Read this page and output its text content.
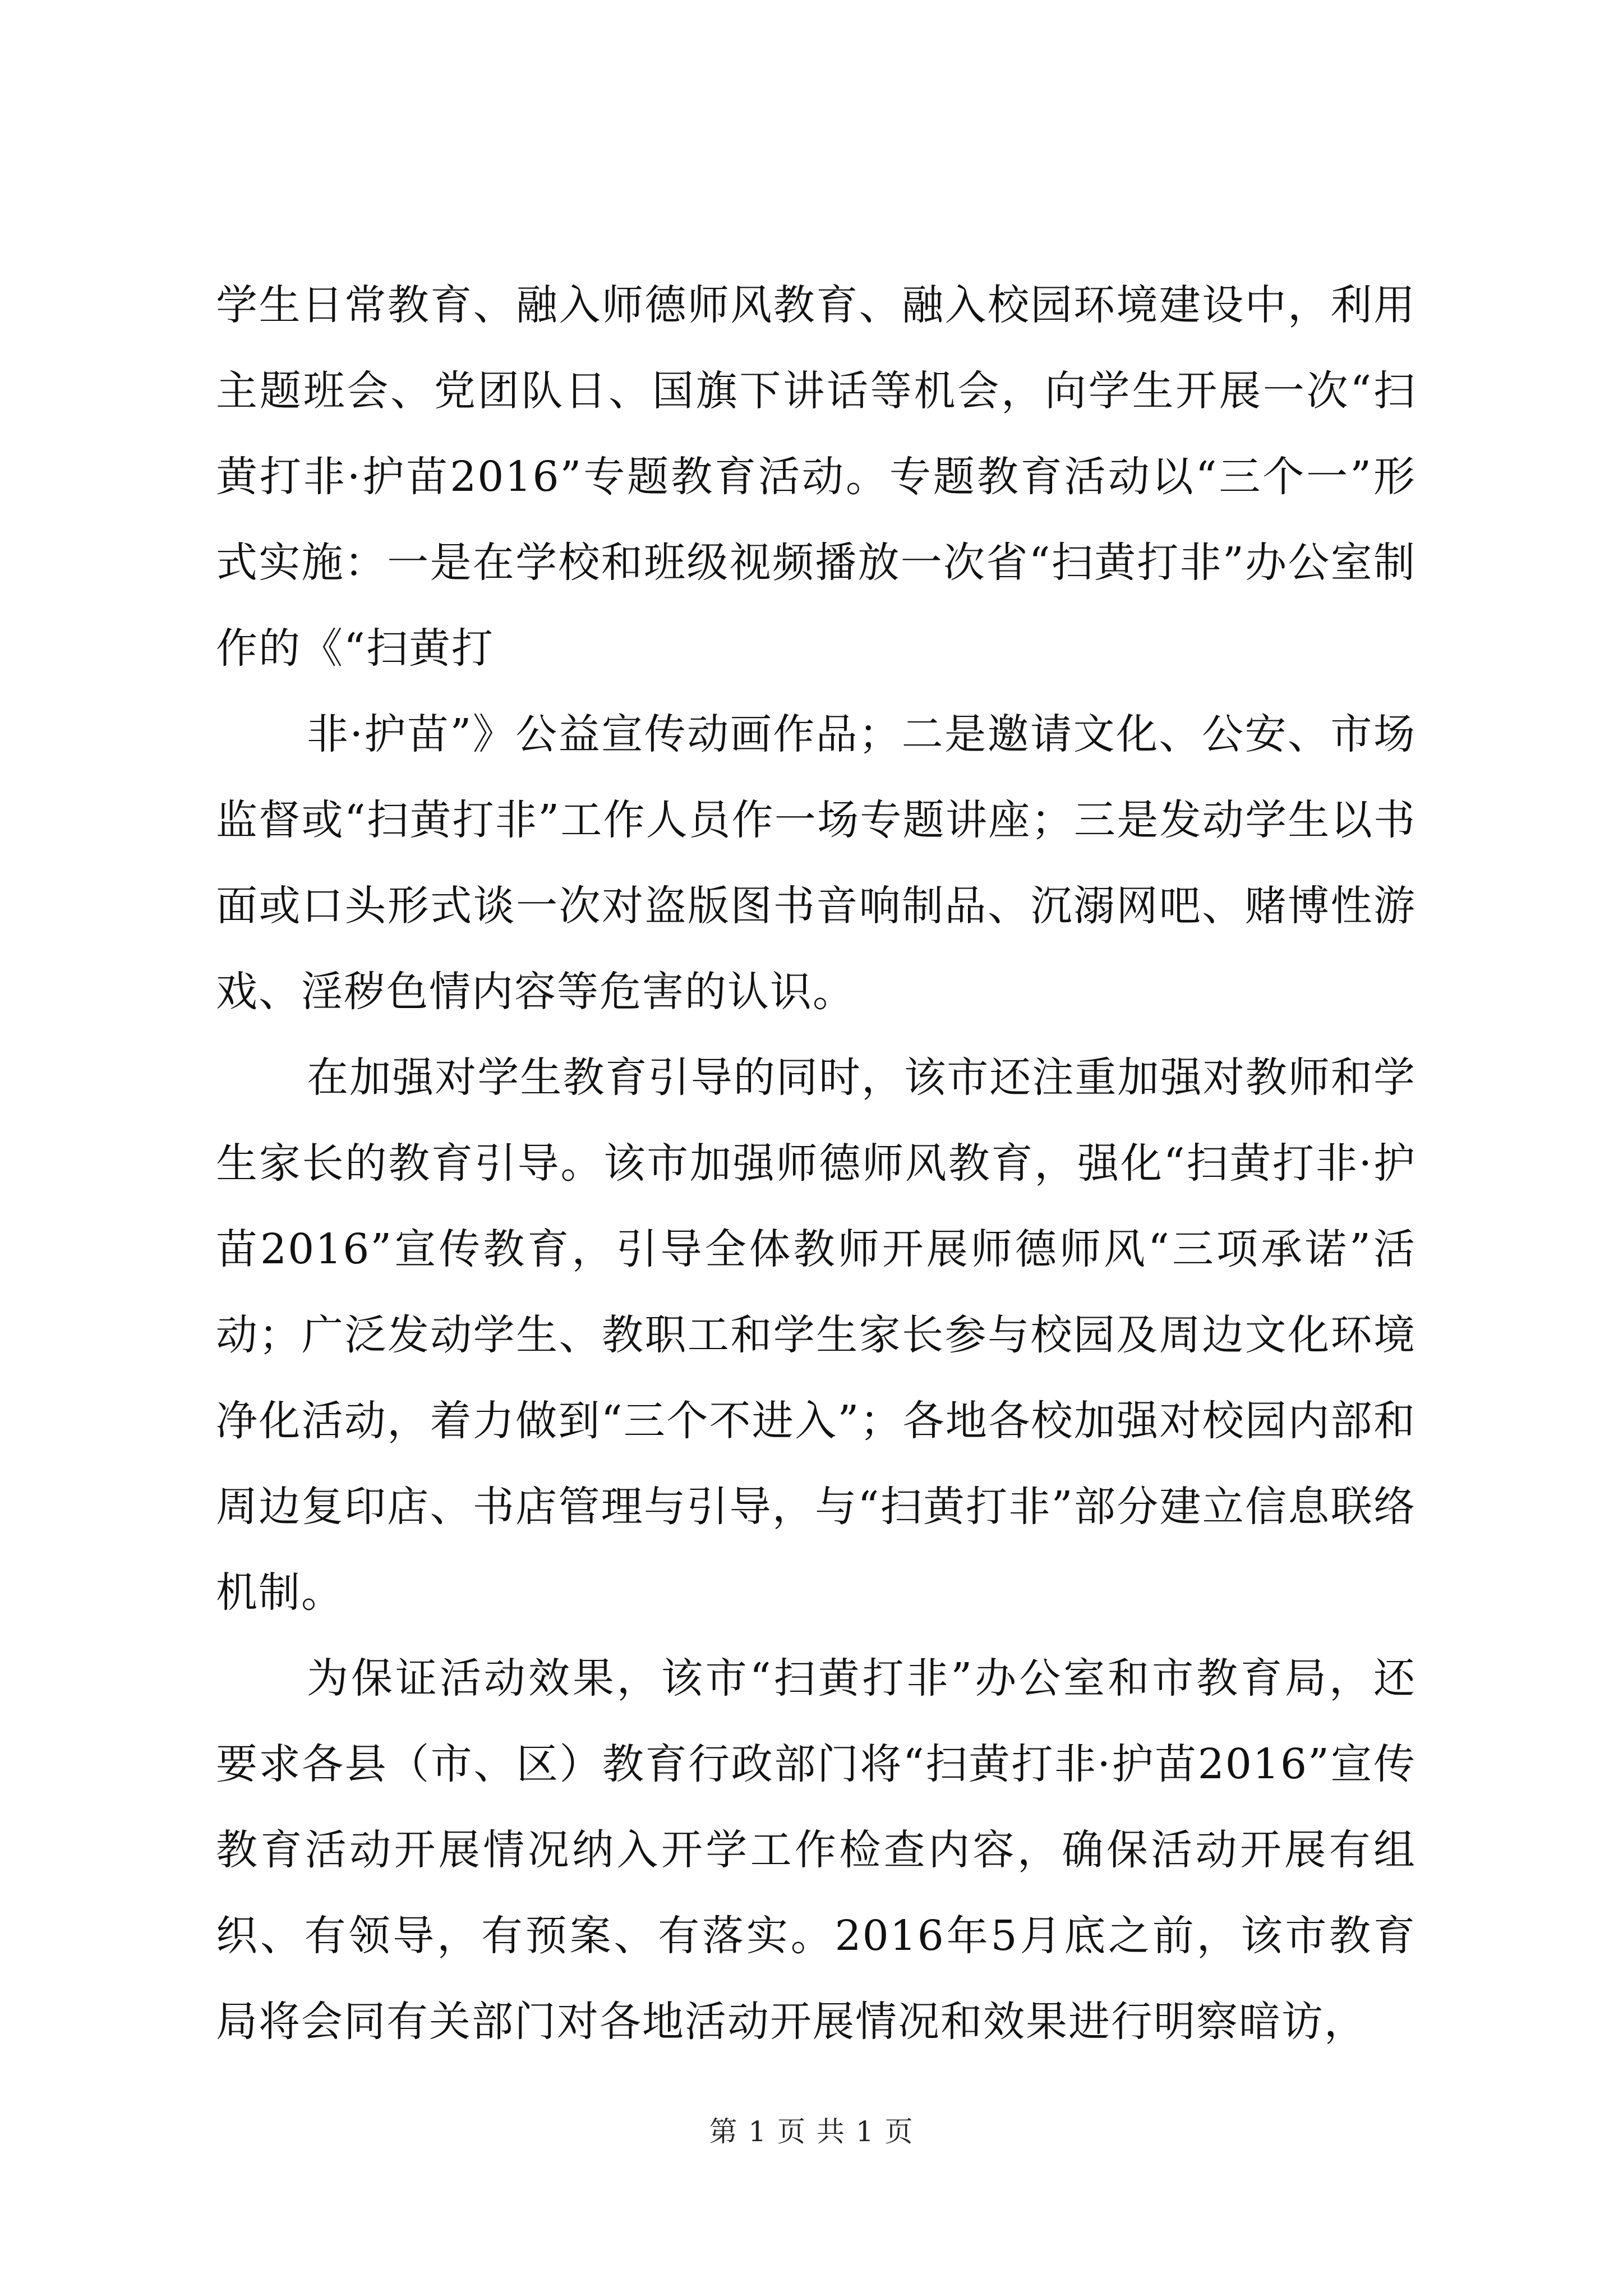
学生日常教育、融入师德师风教育、融入校园环境建设中，利用主题班会、党团队日、国旗下讲话等机会，向学生开展一次“扫黄打非·护苗2016”专题教育活动。专题教育活动以“三个一”形式实施：一是在学校和班级视频播放一次省“扫黄打非”办公室制作的《“扫黄打

非·护苗”》公益宣传动画作品；二是邀请文化、公安、市场监督或“扫黄打非”工作人员作一场专题讲座；三是发动学生以书面或口头形式谈一次对盗版图书音响制品、沉溺网吧、赌博性游戏、淫秽色情内容等危害的认识。

在加强对学生教育引导的同时，该市还注重加强对教师和学生家长的教育引导。该市加强师德师风教育，强化“扫黄打非·护苗2016”宣传教育，引导全体教师开展师德师风“三项承诺”活动；广泛发动学生、教职工和学生家长参与校园及周边文化环境净化活动，着力做到“三个不进入”；各地各校加强对校园内部和周边复印店、书店管理与引导，与“扫黄打非”部分建立信息联络机制。

为保证活动效果，该市“扫黄打非”办公室和市教育局，还要求各县（市、区）教育行政部门将“扫黄打非·护苗2016”宣传教育活动开展情况纳入开学工作检查内容，确保活动开展有组织、有领导，有预案、有落实。2016年5月底之前，该市教育局将会同有关部门对各地活动开展情况和效果进行明察暗访，

第 1 页 共 1 页
